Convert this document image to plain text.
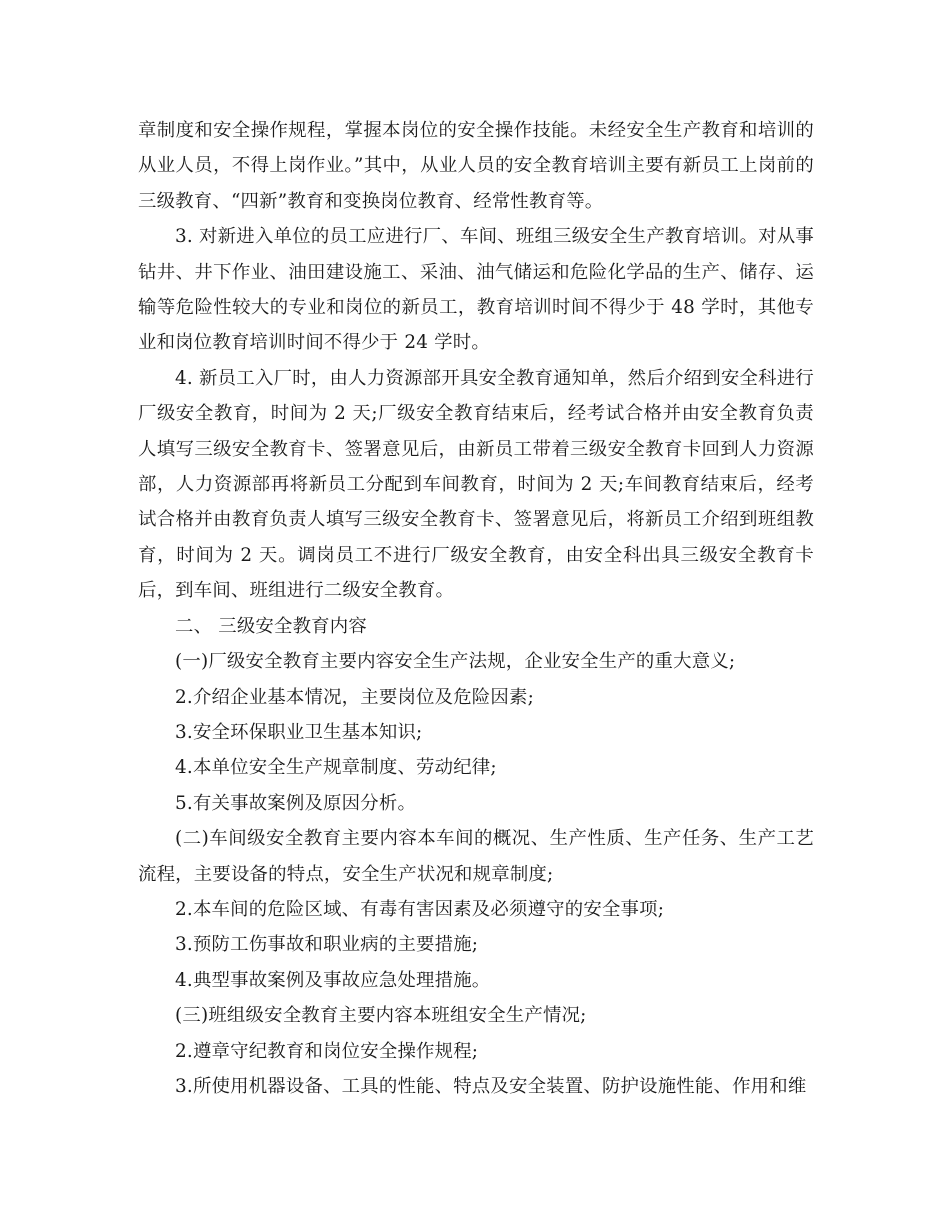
章制度和安全操作规程，掌握本岗位的安全操作技能。未经安全生产教育和培训的从业人员，不得上岗作业。”其中，从业人员的安全教育培训主要有新员工上岗前的三级教育、“四新”教育和变换岗位教育、经常性教育等。

3. 对新进入单位的员工应进行厂、车间、班组三级安全生产教育培训。对从事钻井、井下作业、油田建设施工、采油、油气储运和危险化学品的生产、储存、运输等危险性较大的专业和岗位的新员工，教育培训时间不得少于 48 学时，其他专业和岗位教育培训时间不得少于 24 学时。

4. 新员工入厂时，由人力资源部开具安全教育通知单，然后介绍到安全科进行厂级安全教育，时间为 2 天;厂级安全教育结束后，经考试合格并由安全教育负责人填写三级安全教育卡、签署意见后，由新员工带着三级安全教育卡回到人力资源部，人力资源部再将新员工分配到车间教育，时间为 2 天;车间教育结束后，经考试合格并由教育负责人填写三级安全教育卡、签署意见后，将新员工介绍到班组教育，时间为 2 天。调岗员工不进行厂级安全教育，由安全科出具三级安全教育卡后，到车间、班组进行二级安全教育。

二、 三级安全教育内容

(一)厂级安全教育主要内容安全生产法规，企业安全生产的重大意义;

2.介绍企业基本情况，主要岗位及危险因素;

3.安全环保职业卫生基本知识;

4.本单位安全生产规章制度、劳动纪律;

5.有关事故案例及原因分析。

(二)车间级安全教育主要内容本车间的概况、生产性质、生产任务、生产工艺流程，主要设备的特点，安全生产状况和规章制度;

2.本车间的危险区域、有毒有害因素及必须遵守的安全事项;

3.预防工伤事故和职业病的主要措施;

4.典型事故案例及事故应急处理措施。

(三)班组级安全教育主要内容本班组安全生产情况;

2.遵章守纪教育和岗位安全操作规程;

3.所使用机器设备、工具的性能、特点及安全装置、防护设施性能、作用和维
